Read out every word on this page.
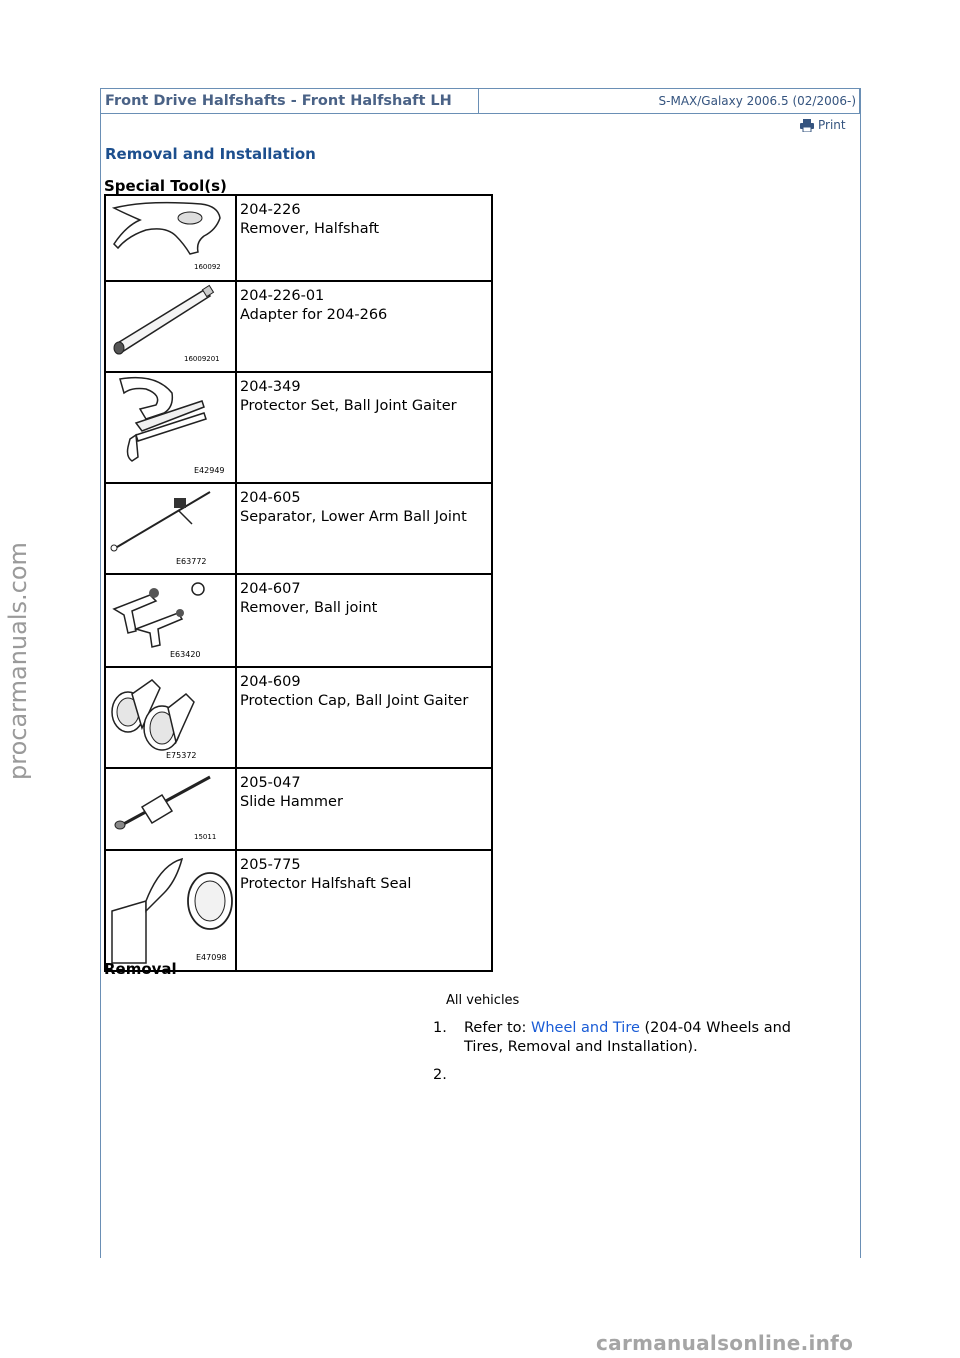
Front Drive Halfshafts - Front Halfshaft LH	S-MAX/Galaxy 2006.5 (02/2006-)
Print
Removal and Installation
Special Tool(s)
160092	204-226
Remover, Halfshaft

16009201	204-226-01
Adapter for 204-266

E42949	204-349
Protector Set, Ball Joint Gaiter

E63772	204-605
Separator, Lower Arm Ball Joint

E63420	204-607
Remover, Ball joint

E75372	204-609
Protection Cap, Ball Joint Gaiter

15011	205-047
Slide Hammer

E47098	205-775
Protector Halfshaft Seal
Removal
All vehicles
1. Refer to: Wheel and Tire (204-04 Wheels and Tires, Removal and Installation).
2.
procarmanuals.com
carmanualsonline.info
